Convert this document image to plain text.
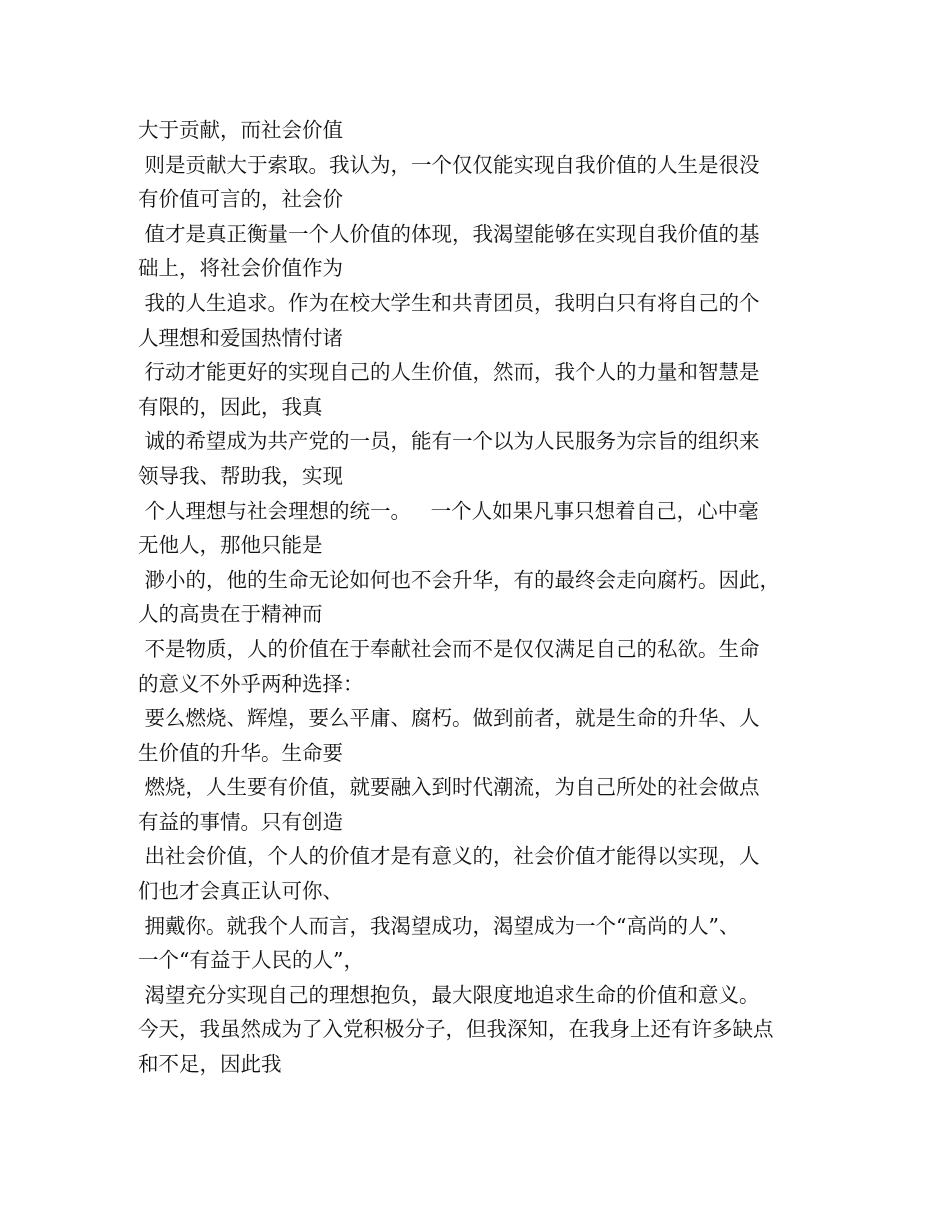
大于贡献，而社会价值

则是贡献大于索取。我认为，一个仅仅能实现自我价值的人生是很没

有价值可言的，社会价

值才是真正衡量一个人价值的体现，我渴望能够在实现自我价值的基

础上，将社会价值作为

我的人生追求。作为在校大学生和共青团员，我明白只有将自己的个

人理想和爱国热情付诸

行动才能更好的实现自己的人生价值，然而，我个人的力量和智慧是

有限的，因此，我真

诚的希望成为共产党的一员，能有一个以为人民服务为宗旨的组织来

领导我、帮助我，实现

个人理想与社会理想的统一。   一个人如果凡事只想着自己，心中毫

无他人，那他只能是

渺小的，他的生命无论如何也不会升华，有的最终会走向腐朽。因此，

人的高贵在于精神而

不是物质，人的价值在于奉献社会而不是仅仅满足自己的私欲。生命

的意义不外乎两种选择：

要么燃烧、辉煌，要么平庸、腐朽。做到前者，就是生命的升华、人

生价值的升华。生命要

燃烧，人生要有价值，就要融入到时代潮流，为自己所处的社会做点

有益的事情。只有创造

出社会价值，个人的价值才是有意义的，社会价值才能得以实现，人

们也才会真正认可你、

拥戴你。就我个人而言，我渴望成功，渴望成为一个“高尚的人”、

一个“有益于人民的人”，

渴望充分实现自己的理想抱负，最大限度地追求生命的价值和意义。

今天，我虽然成为了入党积极分子，但我深知，在我身上还有许多缺点

和不足，因此我
